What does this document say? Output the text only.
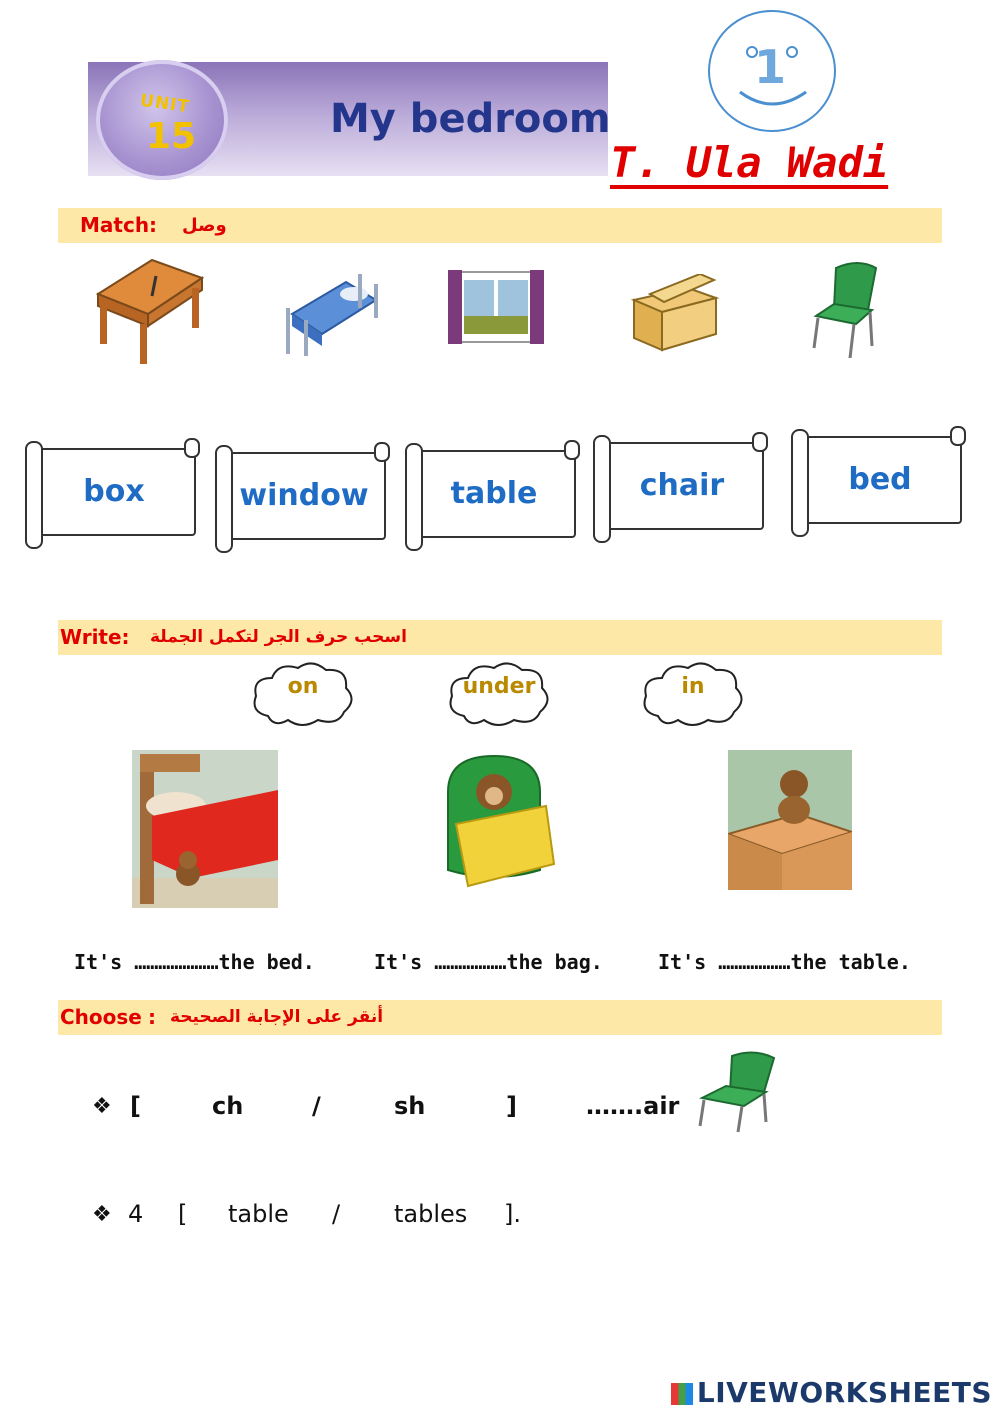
UNIT
15	My bedroom
1
T. Ula Wadi
Match: وصل
box	window	table	chair	bed
Write: اسحب حرف الجر لتكمل الجملة
on	under	in
It's …………………the bed.	It's ………………the bag.	It's ………………the table.
Choose : أنقر على الإجابة الصحيحة
❖ [	ch	/	sh	]	…….air
❖ 4 [ table / tables ].
LIVEWORKSHEETS
